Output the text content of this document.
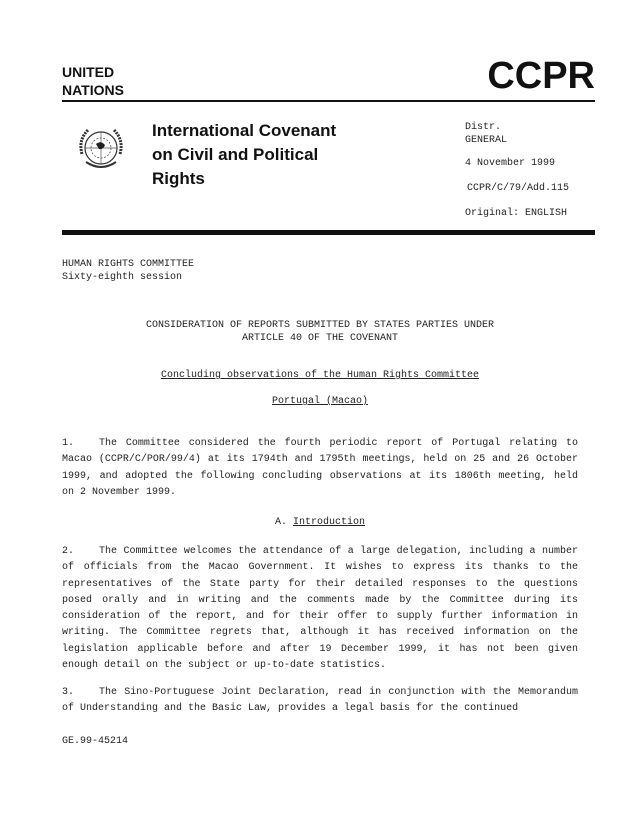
UNITED
NATIONS	CCPR
International Covenant
on Civil and Political
Rights
Distr.
GENERAL
4 November 1999
CCPR/C/79/Add.115
Original: ENGLISH
HUMAN RIGHTS COMMITTEE
Sixty-eighth session
CONSIDERATION OF REPORTS SUBMITTED BY STATES PARTIES UNDER
ARTICLE 40 OF THE COVENANT
Concluding observations of the Human Rights Committee
Portugal (Macao)
1. The Committee considered the fourth periodic report of Portugal relating to
Macao (CCPR/C/POR/99/4) at its 1794th and 1795th meetings, held on 25 and 26 October
1999, and adopted the following concluding observations at its 1806th meeting, held
on 2 November 1999.
A. Introduction
2. The Committee welcomes the attendance of a large delegation, including a number
of officials from the Macao Government. It wishes to express its thanks to the
representatives of the State party for their detailed responses to the questions
posed orally and in writing and the comments made by the Committee during its
consideration of the report, and for their offer to supply further information in
writing. The Committee regrets that, although it has received information on the
legislation applicable before and after 19 December 1999, it has not been given
enough detail on the subject or up-to-date statistics.
3. The Sino-Portuguese Joint Declaration, read in conjunction with the Memorandum
of Understanding and the Basic Law, provides a legal basis for the continued
GE.99-45214
